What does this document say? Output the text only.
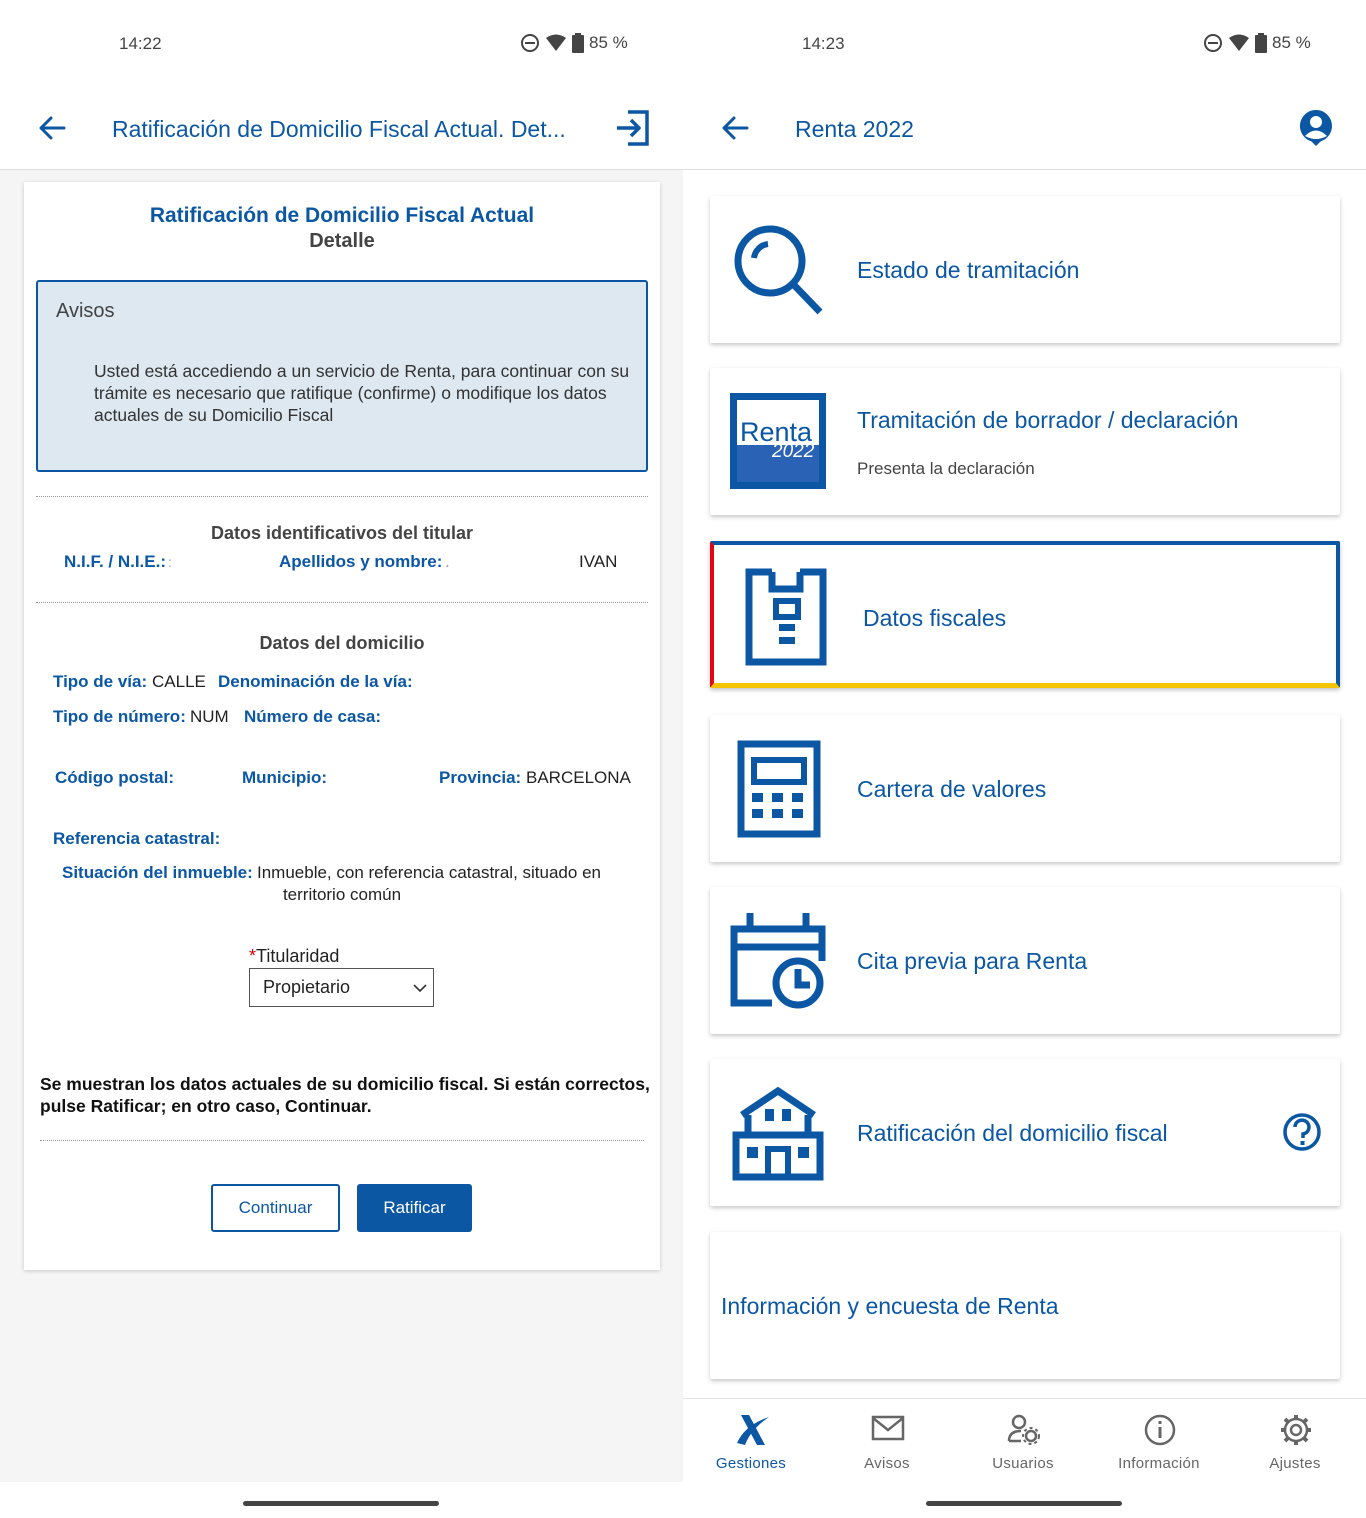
14:22	85 %
Ratificación de Domicilio Fiscal Actual. Det...
Ratificación de Domicilio Fiscal Actual
Detalle
Avisos
Usted está accediendo a un servicio de Renta, para continuar con su trámite es necesario que ratifique (confirme) o modifique los datos actuales de su Domicilio Fiscal
Datos identificativos del titular
N.I.F. / N.I.E.: :	Apellidos y nombre: .	IVAN
Datos del domicilio
Tipo de vía: CALLE Denominación de la vía:
Tipo de número: NUM Número de casa:
Código postal:	Municipio:	Provincia: BARCELONA
Referencia catastral:
Situación del inmueble: Inmueble, con referencia catastral, situado en
territorio común
*Titularidad
Propietario
Se muestran los datos actuales de su domicilio fiscal. Si están correctos, pulse Ratificar; en otro caso, Continuar.
Continuar	Ratificar
14:23	85 %
Renta 2022
Estado de tramitación
Renta
2022
Tramitación de borrador / declaración
Presenta la declaración
Datos fiscales
Cartera de valores
Cita previa para Renta
Ratificación del domicilio fiscal
Información y encuesta de Renta
Gestiones	Avisos	Usuarios	Información	Ajustes
